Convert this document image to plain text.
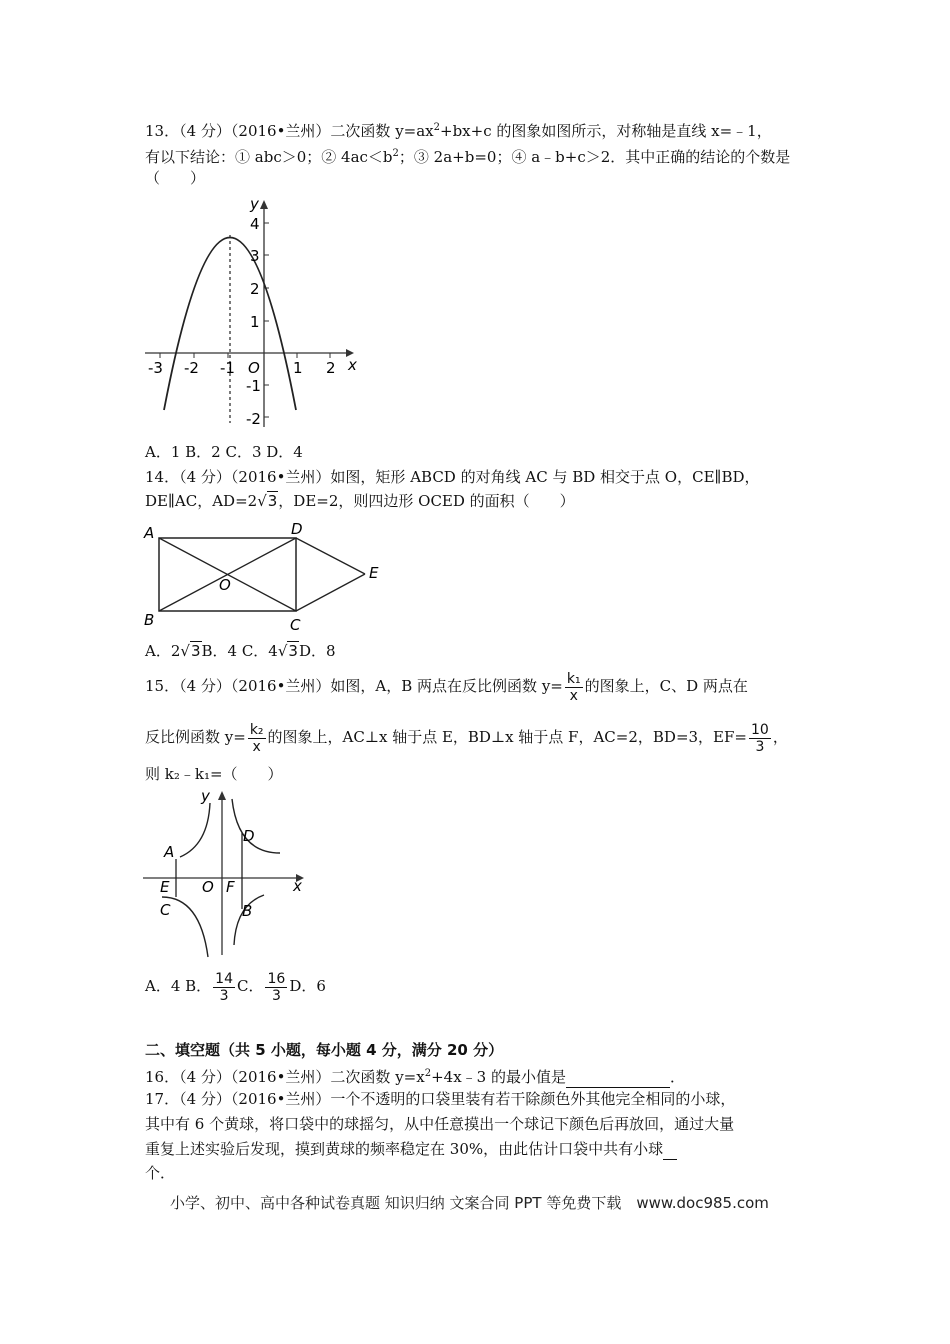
13．（4 分）（2016•兰州）二次函数 $y=ax^2+bx+c$ 的图象如图所示，对称轴是直线 x=﹣1，
有以下结论：① abc＞0；② $4ac<b^2$；③ 2a+b=0；④ a﹣b+c＞2．其中正确的结论的个数是
（　　）
y
x
O
-3 -2 -1	1 2
4
3
2
1
-1
-2
A．1 B．2 C．3 D．4
14．（4 分）（2016•兰州）如图，矩形 ABCD 的对角线 AC 与 BD 相交于点 O，CE∥BD，
DE∥AC，AD=2√3，DE=2，则四边形 OCED 的面积（　　）
A
B	C
D
E
O
A．2√3B．4 C．4√3D．8
15．（4 分）（2016•兰州）如图，A，B 两点在反比例函数 $y= \frac{\text{k₁}}{x}$ 的图象上，C、D 两点在
反比例函数 $y= \frac{\text{k₂}}{x}$ 的图象上，AC⊥x 轴于点 E，BD⊥x 轴于点 F，AC=2，BD=3，$EF= \frac{10}{3}$ ，
则 k₂﹣k₁=（　　）
y
x
O
A
B
C
D
E	F
A．4 B． $\frac{14}{3}$ C． $\frac{16}{3}$ D．6
二、填空题（共 5 小题，每小题 4 分，满分 20 分）
16．（4 分）（2016•兰州）二次函数 $y=x^2+4x﹣3$ 的最小值是	．
17．（4 分）（2016•兰州）一个不透明的口袋里装有若干除颜色外其他完全相同的小球，
其中有 6 个黄球，将口袋中的球摇匀，从中任意摸出一个球记下颜色后再放回，通过大量
重复上述实验后发现，摸到黄球的频率稳定在 30%，由此估计口袋中共有小球
个．
小学、初中、高中各种试卷真题 知识归纳 文案合同 PPT 等免费下载　www.doc985.com
